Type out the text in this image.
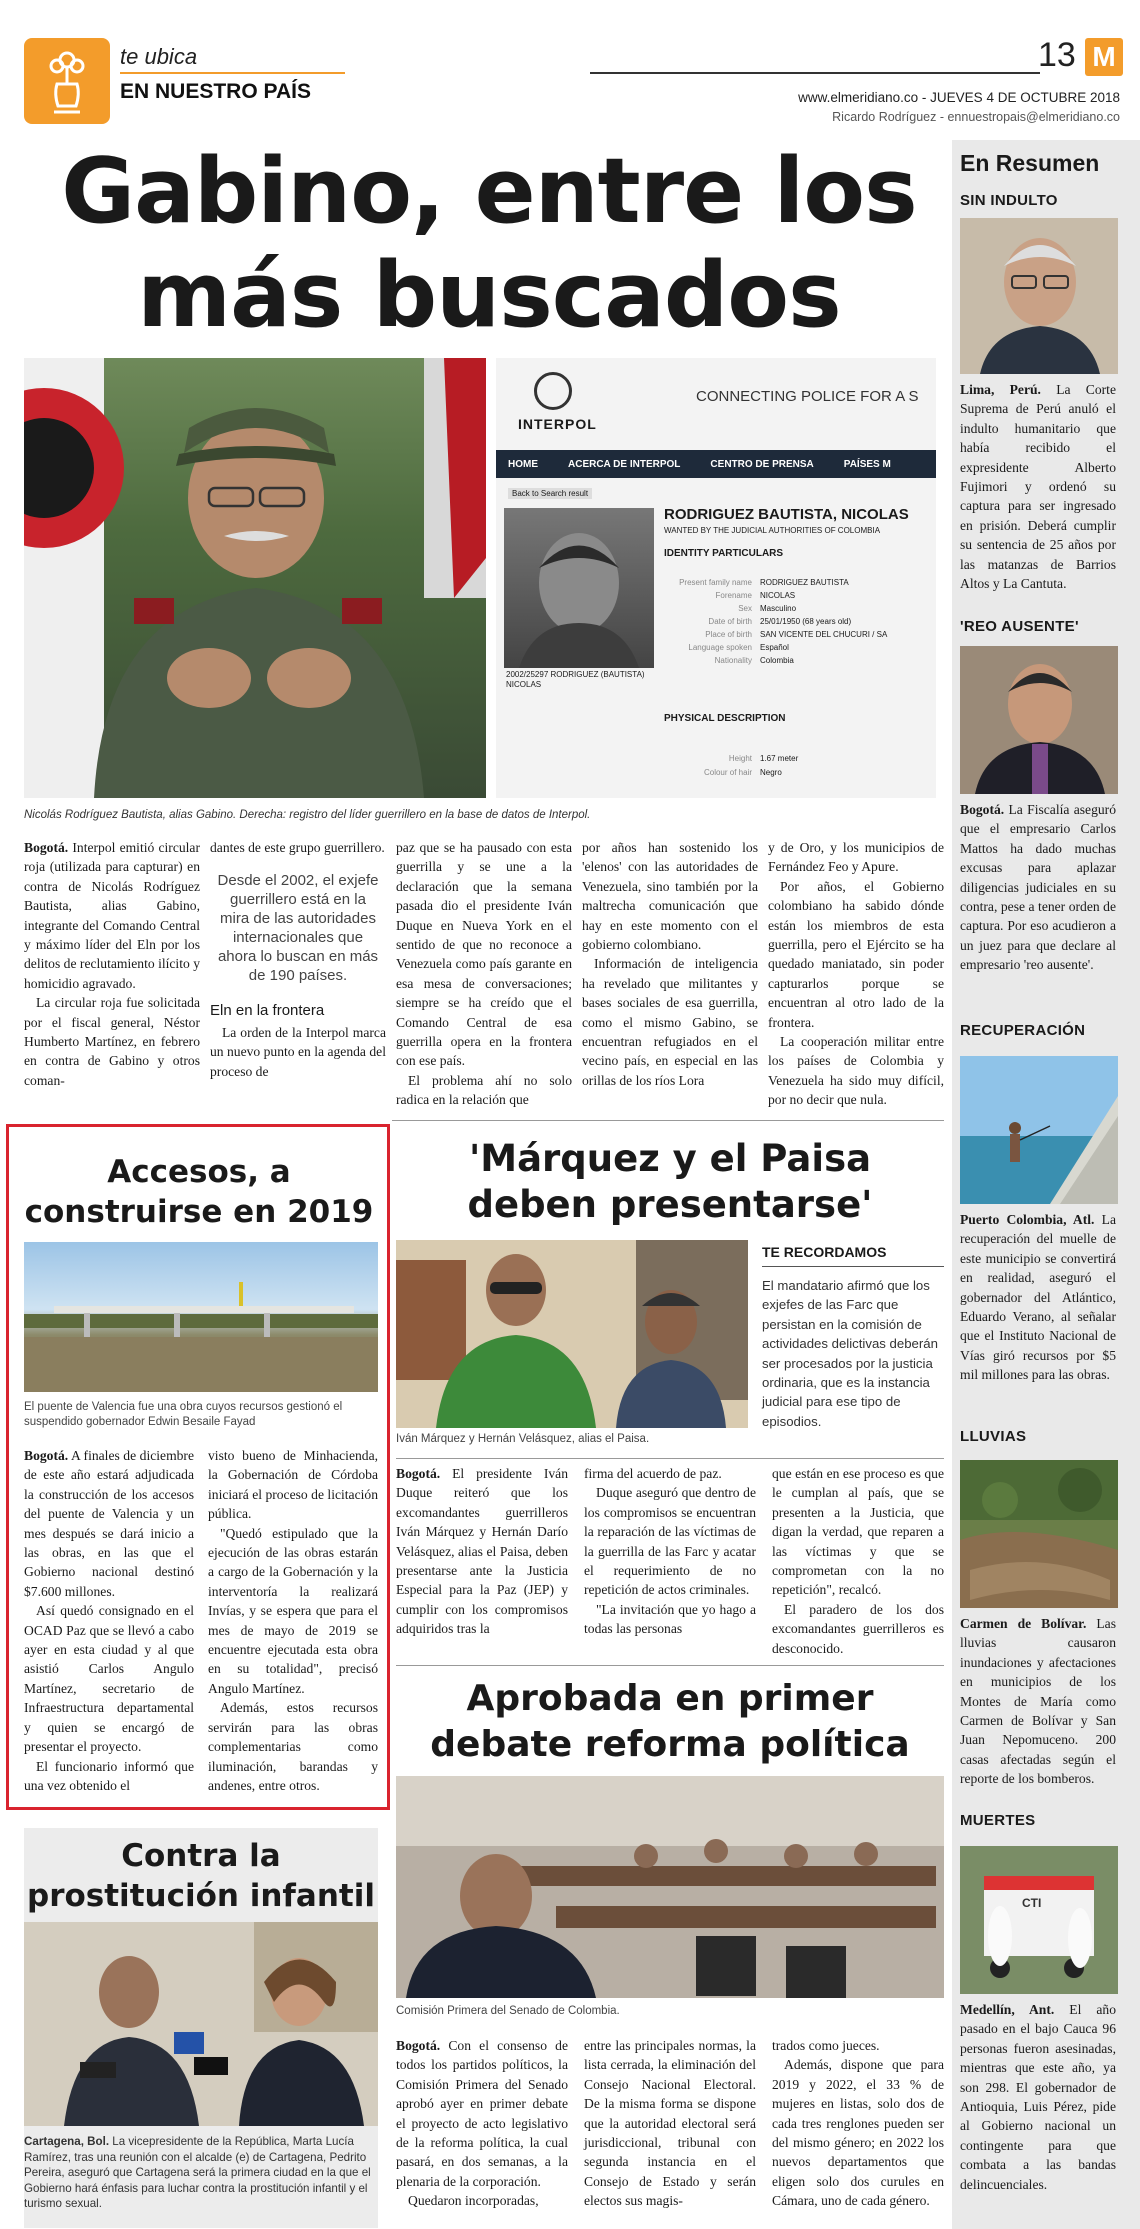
te ubica
EN NUESTRO PAÍS
13 M
www.elmeridiano.co - JUEVES 4 DE OCTUBRE 2018
Ricardo Rodríguez - ennuestropais@elmeridiano.co
Gabino, entre los
más buscados
INTERPOL
CONNECTING POLICE FOR A S
HOME	ACERCA DE INTERPOL	CENTRO DE PRENSA	PAÍSES M
Back to Search result
2002/25297 RODRIGUEZ (BAUTISTA) NICOLAS
RODRIGUEZ BAUTISTA, NICOLAS
WANTED BY THE JUDICIAL AUTHORITIES OF COLOMBIA
IDENTITY PARTICULARS
Present family name	RODRIGUEZ BAUTISTA
Forename	NICOLAS
Sex	Masculino
Date of birth	25/01/1950 (68 years old)
Place of birth	SAN VICENTE DEL CHUCURI / SA
Language spoken	Español
Nationality	Colombia
PHYSICAL DESCRIPTION
Height	1.67 meter
Colour of hair	Negro
Nicolás Rodríguez Bautista, alias Gabino. Derecha: registro del líder guerrillero en la base de datos de Interpol.

Bogotá. Interpol emitió circular roja (utilizada para capturar) en contra de Nicolás Rodríguez Bautista, alias Gabino, integrante del Comando Central y máximo líder del Eln por los delitos de reclutamiento ilícito y homicidio agravado.

La circular roja fue solicitada por el fiscal general, Néstor Humberto Martínez, en febrero en contra de Gabino y otros coman-

dantes de este grupo guerrillero.

Desde el 2002, el exjefe guerrillero está en la mira de las autoridades internacionales que ahora lo buscan en más de 190 países.
Eln en la frontera

La orden de la Interpol marca un nuevo punto en la agenda del proceso de

paz que se ha pausado con esta guerrilla y se une a la declaración que la semana pasada dio el presidente Iván Duque en Nueva York en el sentido de que no reconoce a Venezuela como país garante en esa mesa de conversaciones; siempre se ha creído que el Comando Central de esa guerrilla opera en la frontera con ese país.

El problema ahí no solo radica en la relación que

por años han sostenido los 'elenos' con las autoridades de Venezuela, sino también por la maltrecha comunicación que hay en este momento con el gobierno colombiano.

Información de inteligencia ha revelado que militantes y bases sociales de esa guerrilla, como el mismo Gabino, se encuentran refugiados en el vecino país, en especial en las orillas de los ríos Lora

y de Oro, y los municipios de Fernández Feo y Apure.

Por años, el Gobierno colombiano ha sabido dónde están los miembros de esta guerrilla, pero el Ejército se ha quedado maniatado, sin poder capturarlos porque se encuentran al otro lado de la frontera.

La cooperación militar entre los países de Colombia y Venezuela ha sido muy difícil, por no decir que nula.

Accesos, a
construirse en 2019
El puente de Valencia fue una obra cuyos recursos gestionó el suspendido gobernador Edwin Besaile Fayad

Bogotá. A finales de diciembre de este año estará adjudicada la construcción de los accesos del puente de Valencia y un mes después se dará inicio a las obras, en las que el Gobierno nacional destinó $7.600 millones.

Así quedó consignado en el OCAD Paz que se llevó a cabo ayer en esta ciudad y al que asistió Carlos Angulo Martínez, secretario de Infraestructura departamental y quien se encargó de presentar el proyecto.

El funcionario informó que una vez obtenido el

visto bueno de Minhacienda, la Gobernación de Córdoba iniciará el proceso de licitación pública.

"Quedó estipulado que la ejecución de las obras estarán a cargo de la Gobernación y la interventoría la realizará Invías, y se espera que para el mes de mayo de 2019 se encuentre ejecutada esta obra en su totalidad", precisó Angulo Martínez.

Además, estos recursos servirán para las obras complementarias como iluminación, barandas y andenes, entre otros.

'Márquez y el Paisa
deben presentarse'
Iván Márquez y Hernán Velásquez, alias el Paisa.
TE RECORDAMOS
El mandatario afirmó que los exjefes de las Farc que persistan en la comisión de actividades delictivas deberán ser procesados por la justicia ordinaria, que es la instancia judicial para ese tipo de episodios.

Bogotá. El presidente Iván Duque reiteró que los excomandantes guerrilleros Iván Márquez y Hernán Darío Velásquez, alias el Paisa, deben presentarse ante la Justicia Especial para la Paz (JEP) y cumplir con los compromisos adquiridos tras la

firma del acuerdo de paz.

Duque aseguró que dentro de los compromisos se encuentran la reparación de las víctimas de la guerrilla de las Farc y acatar el requerimiento de no repetición de actos criminales.

"La invitación que yo hago a todas las personas

que están en ese proceso es que le cumplan al país, que se presenten a la Justicia, que digan la verdad, que reparen a las víctimas y que se comprometan con la no repetición", recalcó.

El paradero de los dos excomandantes guerrilleros es desconocido.

Contra la
prostitución infantil
Cartagena, Bol. La vicepresidente de la República, Marta Lucía Ramírez, tras una reunión con el alcalde (e) de Cartagena, Pedrito Pereira, aseguró que Cartagena será la primera ciudad en la que el Gobierno hará énfasis para luchar contra la prostitución infantil y el turismo sexual.
Aprobada en primer
debate reforma política
Comisión Primera del Senado de Colombia.

Bogotá. Con el consenso de todos los partidos políticos, la Comisión Primera del Senado aprobó ayer en primer debate el proyecto de acto legislativo de la reforma política, la cual pasará, en dos semanas, a la plenaria de la corporación.

Quedaron incorporadas,

entre las principales normas, la lista cerrada, la eliminación del Consejo Nacional Electoral. De la misma forma se dispone que la autoridad electoral será jurisdiccional, tribunal con segunda instancia en el Consejo de Estado y serán electos sus magis-

trados como jueces.

Además, dispone que para 2019 y 2022, el 33 % de mujeres en listas, solo dos de cada tres renglones pueden ser del mismo género; en 2022 los nuevos departamentos que eligen solo dos curules en Cámara, uno de cada género.

En Resumen
SIN INDULTO
Lima, Perú. La Corte Suprema de Perú anuló el indulto humanitario que había recibido el expresidente Alberto Fujimori y ordenó su captura para ser ingresado en prisión. Deberá cumplir su sentencia de 25 años por las matanzas de Barrios Altos y La Cantuta.
'REO AUSENTE'
Bogotá. La Fiscalía aseguró que el empresario Carlos Mattos ha dado muchas excusas para aplazar diligencias judiciales en su contra, pese a tener orden de captura. Por eso acudieron a un juez para que declare al empresario 'reo ausente'.
RECUPERACIÓN
Puerto Colombia, Atl. La recuperación del muelle de este municipio se convertirá en realidad, aseguró el gobernador del Atlántico, Eduardo Verano, al señalar que el Instituto Nacional de Vías giró recursos por $5 mil millones para las obras.
LLUVIAS
Carmen de Bolívar. Las lluvias causaron inundaciones y afectaciones en municipios de los Montes de María como Carmen de Bolívar y San Juan Nepomuceno. 200 casas afectadas según el reporte de los bomberos.
MUERTES
CTI
Medellín, Ant. El año pasado en el bajo Cauca 96 personas fueron asesinadas, mientras que este año, ya son 298. El gobernador de Antioquia, Luis Pérez, pide al Gobierno nacional un contingente para que combata a las bandas delincuenciales.
